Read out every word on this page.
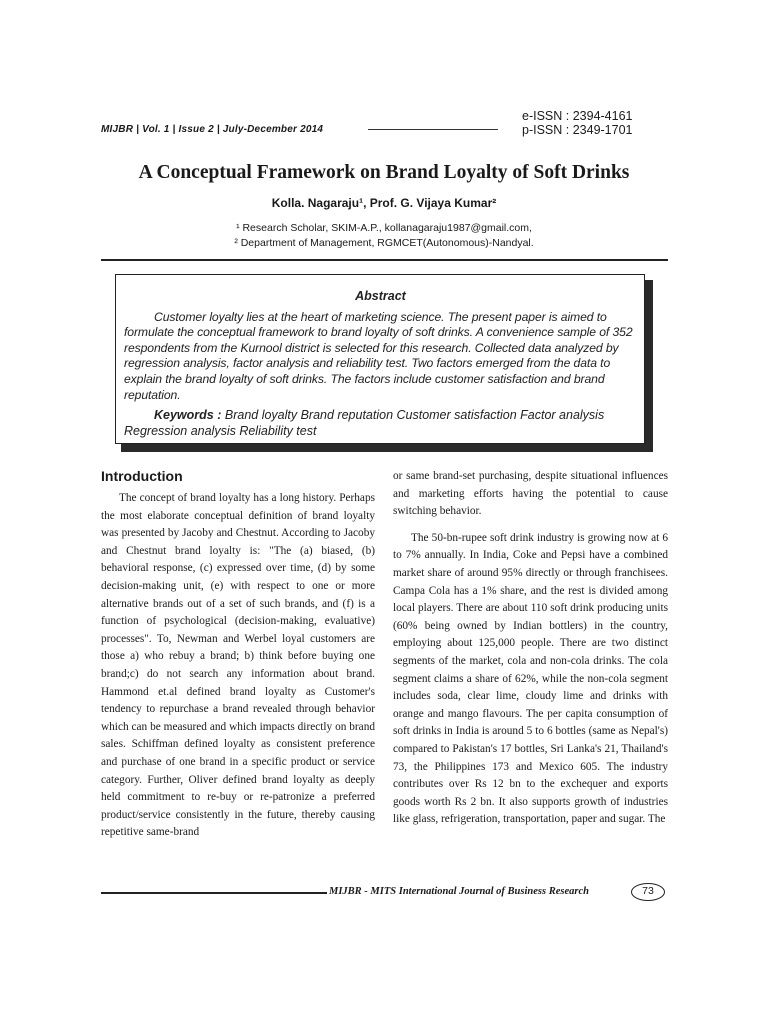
e-ISSN : 2394-4161
p-ISSN : 2349-1701
MIJBR | Vol. 1 | Issue 2 | July-December 2014
A Conceptual Framework on Brand Loyalty of Soft Drinks
Kolla. Nagaraju¹, Prof. G. Vijaya Kumar²
¹ Research Scholar, SKIM-A.P., kollanagaraju1987@gmail.com,
² Department of Management, RGMCET(Autonomous)-Nandyal.
Abstract

Customer loyalty lies at the heart of marketing science. The present paper is aimed to formulate the conceptual framework to brand loyalty of soft drinks. A convenience sample of 352 respondents from the Kurnool district is selected for this research. Collected data analyzed by regression analysis, factor analysis and reliability test. Two factors emerged from the data to explain the brand loyalty of soft drinks. The factors include customer satisfaction and brand reputation.

Keywords : Brand loyalty Brand reputation Customer satisfaction Factor analysis Regression analysis Reliability test

Introduction

The concept of brand loyalty has a long history. Perhaps the most elaborate conceptual definition of brand loyalty was presented by Jacoby and Chestnut. According to Jacoby and Chestnut brand loyalty is: "The (a) biased, (b) behavioral response, (c) expressed over time, (d) by some decision-making unit, (e) with respect to one or more alternative brands out of a set of such brands, and (f) is a function of psychological (decision-making, evaluative) processes". To, Newman and Werbel loyal customers are those a) who rebuy a brand; b) think before buying one brand;c) do not search any information about brand. Hammond et.al defined brand loyalty as Customer's tendency to repurchase a brand revealed through behavior which can be measured and which impacts directly on brand sales. Schiffman defined loyalty as consistent preference and purchase of one brand in a specific product or service category. Further, Oliver defined brand loyalty as deeply held commitment to re-buy or re-patronize a preferred product/service consistently in the future, thereby causing repetitive same-brand

or same brand-set purchasing, despite situational influences and marketing efforts having the potential to cause switching behavior.

The 50-bn-rupee soft drink industry is growing now at 6 to 7% annually. In India, Coke and Pepsi have a combined market share of around 95% directly or through franchisees. Campa Cola has a 1% share, and the rest is divided among local players. There are about 110 soft drink producing units (60% being owned by Indian bottlers) in the country, employing about 125,000 people. There are two distinct segments of the market, cola and non-cola drinks. The cola segment claims a share of 62%, while the non-cola segment includes soda, clear lime, cloudy lime and drinks with orange and mango flavours. The per capita consumption of soft drinks in India is around 5 to 6 bottles (same as Nepal's) compared to Pakistan's 17 bottles, Sri Lanka's 21, Thailand's 73, the Philippines 173 and Mexico 605. The industry contributes over Rs 12 bn to the exchequer and exports goods worth Rs 2 bn. It also supports growth of industries like glass, refrigeration, transportation, paper and sugar. The

MIJBR - MITS International Journal of Business Research	73
